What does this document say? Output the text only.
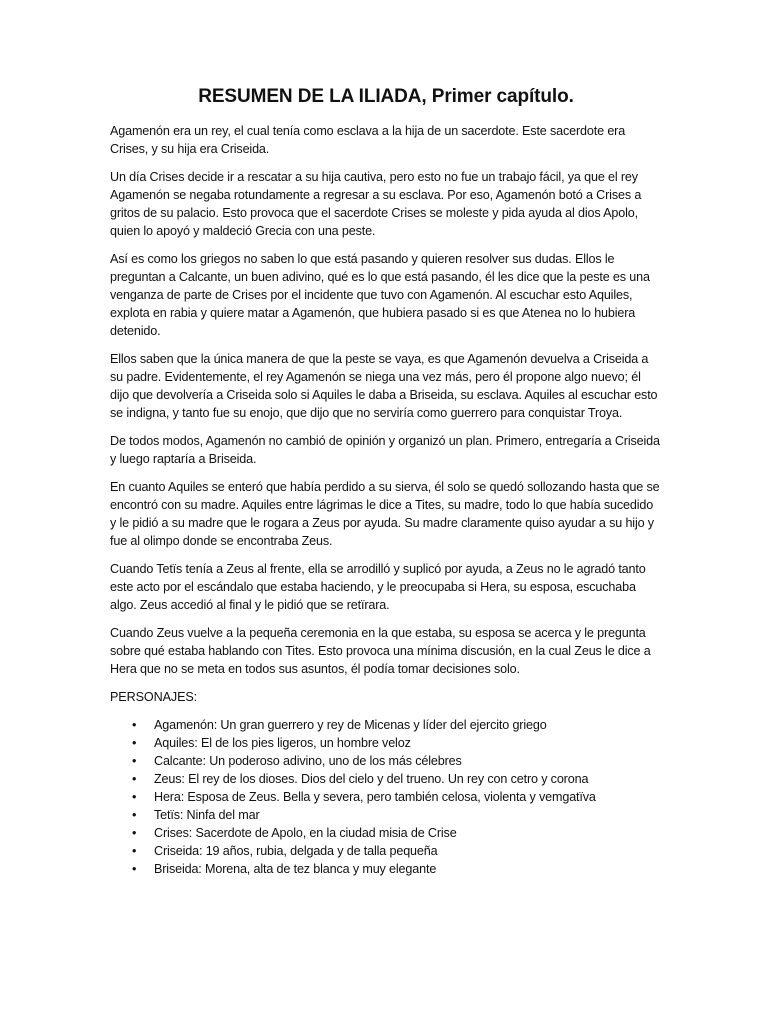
RESUMEN DE LA ILIADA, Primer capítulo.

Agamenón era un rey, el cual tenía como esclava a la hija de un sacerdote. Este sacerdote era Crises, y su hija era Criseida.

Un día Crises decide ir a rescatar a su hija cautiva, pero esto no fue un trabajo fácil, ya que el rey Agamenón se negaba rotundamente a regresar a su esclava. Por eso, Agamenón botó a Crises a gritos de su palacio. Esto provoca que el sacerdote Crises se moleste y pida ayuda al dios Apolo, quien lo apoyó y maldeció Grecia con una peste.

Así es como los griegos no saben lo que está pasando y quieren resolver sus dudas. Ellos le preguntan a Calcante, un buen adivino, qué es lo que está pasando, él les dice que la peste es una venganza de parte de Crises por el incidente que tuvo con Agamenón. Al escuchar esto Aquiles, explota en rabia y quiere matar a Agamenón, que hubiera pasado si es que Atenea no lo hubiera detenido.

Ellos saben que la única manera de que la peste se vaya, es que Agamenón devuelva a Criseida a su padre. Evidentemente, el rey Agamenón se niega una vez más, pero él propone algo nuevo; él dijo que devolvería a Criseida solo si Aquiles le daba a Briseida, su esclava. Aquiles al escuchar esto se indigna, y tanto fue su enojo, que dijo que no serviría como guerrero para conquistar Troya.

De todos modos, Agamenón no cambió de opinión y organizó un plan. Primero, entregaría a Criseida y luego raptaría a Briseida.

En cuanto Aquiles se enteró que había perdido a su sierva, él solo se quedó sollozando hasta que se encontró con su madre. Aquiles entre lágrimas le dice a Tites, su madre, todo lo que había sucedido y le pidió a su madre que le rogara a Zeus por ayuda. Su madre claramente quiso ayudar a su hijo y fue al olimpo donde se encontraba Zeus.

Cuando Tetïs tenía a Zeus al frente, ella se arrodilló y suplicó por ayuda, a Zeus no le agradó tanto este acto por el escándalo que estaba haciendo, y le preocupaba si Hera, su esposa, escuchaba algo. Zeus accedió al final y le pidió que se retïrara.

Cuando Zeus vuelve a la pequeña ceremonia en la que estaba, su esposa se acerca y le pregunta sobre qué estaba hablando con Tites. Esto provoca una mínima discusión, en la cual Zeus le dice a Hera que no se meta en todos sus asuntos, él podía tomar decisiones solo.

PERSONAJES:

•	Agamenón: Un gran guerrero y rey de Micenas y líder del ejercito griego
•	Aquiles: El de los pies ligeros, un hombre veloz
•	Calcante: Un poderoso adivino, uno de los más célebres
•	Zeus: El rey de los dioses. Dios del cielo y del trueno. Un rey con cetro y corona
•	Hera: Esposa de Zeus. Bella y severa, pero también celosa, violenta y vemgatïva
•	Tetïs: Ninfa del mar
•	Crises: Sacerdote de Apolo, en la ciudad misia de Crise
•	Criseida: 19 años, rubia, delgada y de talla pequeña
•	Briseida: Morena, alta de tez blanca y muy elegante
